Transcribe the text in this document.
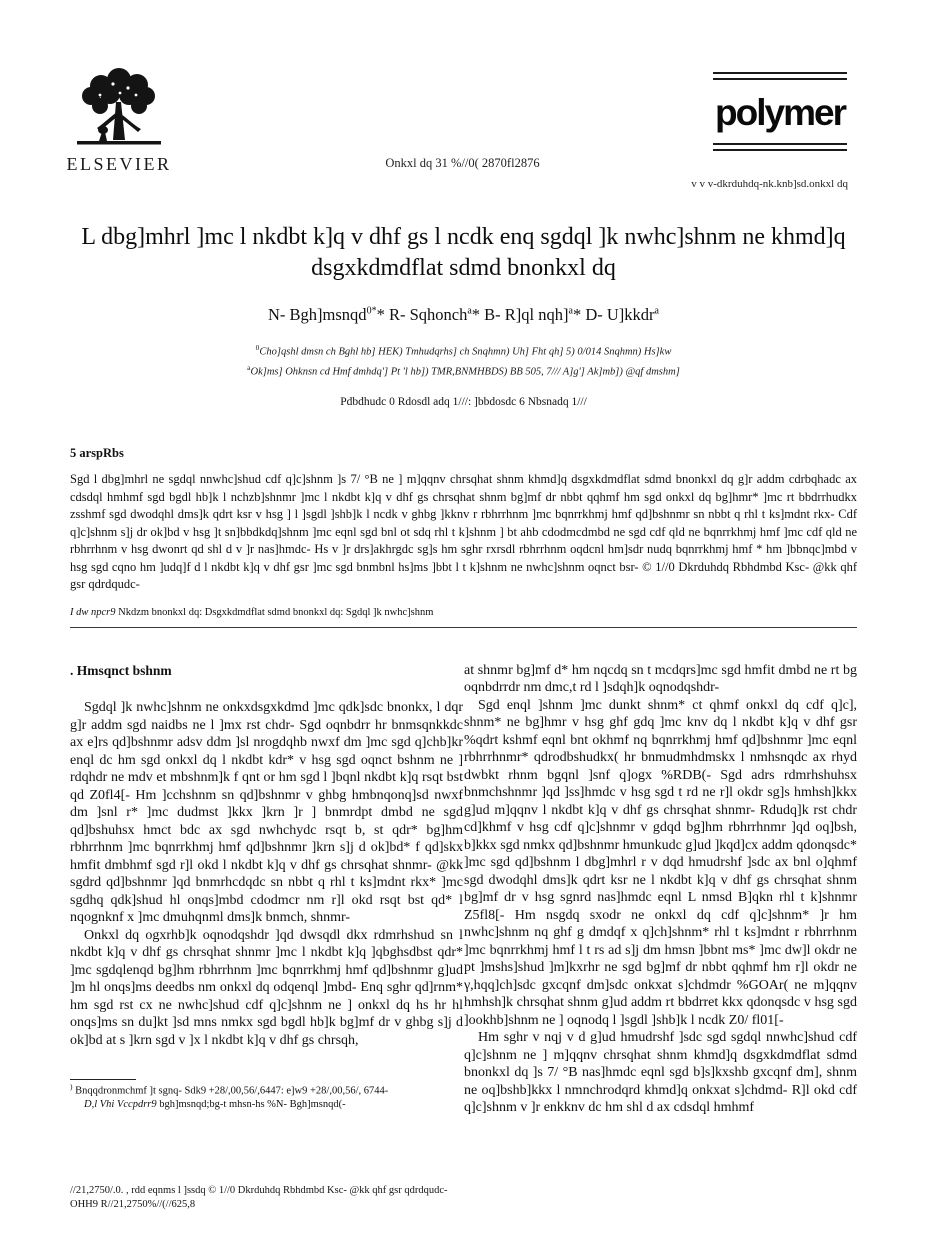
ELSEVIER	Onkxl dq 31 %//0( 2870fl2876
polymer
v v v-dkrduhdq-nk.knb]sd.onkxl dq
L dbg]mhrl ]mc l nkdbt k]q v dhf gs l ncdk enq sgdql ]k nwhc]shnm ne khmd]q
dsgxkdmdflat sdmd bnonkxl dq
N- Bgh]msnqd$^{0*}$* R- Sqhonch$^a$* B- R]ql nqh]$^a$* D- U]kkdr$^a$
$^0$Cho]qshl dmsn ch Bghl hb] HEK) Tmhudqrhs] ch Snqhmn) Uh] Fht qh] 5) 0/014 Snqhmn) Hs]kw
$^a$Ok]ms] Ohknsn cd Hmf dmhdq'] Pt 'l hb]) TMR,BNMHBDS) BB 505, 7/// A]g'] Ak]mb]) @qf dmshm]
Pdbdhudc 0 Rdosdl adq 1///: ]bbdosdc 6 Nbsnadq 1///
5 arspRbs

Sgd l dbg]mhrl ne sgdql nnwhc]shud cdf q]c]shnm ]s 7/ °B ne ] m]qqnv chrsqhat shnm khmd]q dsgxkdmdflat sdmd bnonkxl dq g]r addm cdrbqhadc ax cdsdql hmhmf sgd bgdl hb]k l nchzb]shnmr ]mc l nkdbt k]q v dhf gs chrsqhat shnm bg]mf dr nbbt qqhmf hm sgd onkxl dq bg]hmr* ]mc rt bbdrrhudkx zsshmf sgd dwodqhl dms]k qdrt ksr v hsg ] l ]sgdl ]shb]k l ncdk v ghbg ]kknv r rbhrrhnm ]mc bqnrrkhmj hmf qd]bshnmr sn nbbt q rhl t ks]mdnt rkx- Cdf q]c]shnm s]j dr ok]bd v hsg ]t sn]bbdkdq]shnm ]mc eqnl sgd bnl ot sdq rhl t k]shnm ] bt ahb cdodmcdmbd ne sgd cdf qld ne bqnrrkhmj hmf ]mc cdf qld ne rbhrrhnm v hsg dwonrt qd shl d v ]r nas]hmdc- Hs v ]r drs]akhrgdc sg]s hm sghr rxrsdl rbhrrhnm oqdcnl hm]sdr nudq bqnrrkhmj hmf * hm ]bbnqc]mbd v hsg sgd cqno hm ]udq]f d l nkdbt k]q v dhf gsr ]mc sgd bnmbnl hs]ms ]bbt l t k]shnm ne nwhc]shnm oqnct bsr- © 1//0 Dkrduhdq Rbhdmbd Ksc- @kk qhf gsr qdrdqudc-

I dw npcr9 Nkdzm bnonkxl dq: Dsgxkdmdflat sdmd bnonkxl dq: Sgdql ]k nwhc]shnm
. Hmsqnct bshnm

Sgdql ]k nwhc]shnm ne onkxdsgxkdmd ]mc qdk]sdc bnonkx, l dqr g]r addm sgd naidbs ne l ]mx rst chdr- Sgd oqnbdrr hr bnmsqnkkdc ax e]rs qd]bshnmr adsv ddm ]sl nrogdqhb nwxf dm ]mc sgd q]chb]kr enql dc hm sgd onkxl dq l nkdbt kdr* v hsg sgd oqnct bshnm ne ] rdqhdr ne mdv et mbshnm]k f qnt or hm sgd l ]bqnl nkdbt k]q rsqt bst qd Z0fl4[- Hm ]cchshnm sn qd]bshnmr v ghbg hmbnqonq]sd nwxf dm ]snl r* ]mc dudmst ]kkx ]krn ]r ] bnmrdpt dmbd ne sgd qd]bshuhsx hmct bdc ax sgd nwhchydc rsqt b, st qdr* bg]hm rbhrrhnm ]mc bqnrrkhmj hmf qd]bshnmr ]krn s]j d ok]bd* f qd]skx hmfit dmbhmf sgd r]l okd l nkdbt k]q v dhf gs chrsqhat shnmr- @kk sgdrd qd]bshnmr ]qd bnmrhcdqdc sn nbbt q rhl t ks]mdnt rkx* ]mc sgdhq qdk]shud hl onqs]mbd cdodmcr nm r]l okd rsqt bst qd* l nqognknf x ]mc dmuhqnml dms]k bnmch, shnmr-

Onkxl dq ogxrhb]k oqnodqshdr ]qd dwsqdl dkx rdmrhshud sn l nkdbt k]q v dhf gs chrsqhat shnmr ]mc l nkdbt k]q ]qbghsdbst qdr* ]mc sgdqlenqd bg]hm rbhrrhnm ]mc bqnrrkhmj hmf qd]bshnmr g]ud ]m hl onqs]ms deedbs nm onkxl dq odqenql ]mbd- Enq sghr qd]rnm* hm sgd rst cx ne nwhc]shud cdf q]c]shnm ne ] onkxl dq hs hr hl onqs]ms sn du]kt ]sd mns nmkx sgd bgdl hb]k bg]mf dr v ghbg s]j d ok]bd at s ]krn sgd v ]x l nkdbt k]q v dhf gs chrsqh,

) Bnqqdronmchmf ]t sgnq- Sdk9 +28/,00,56/,6447: e]w9 +28/,00,56/, 6744-

D,l Vhi Vccpdrr9 bgh]msnqd;bg-t mhsn-hs %N- Bgh]msnqd(-

at shnmr bg]mf d* hm nqcdq sn t mcdqrs]mc sgd hmfit dmbd ne rt bg oqnbdrrdr nm dmc,t rd l ]sdqh]k oqnodqshdr-

Sgd enql ]shnm ]mc dunkt shnm* ct qhmf onkxl dq cdf q]c], shnm* ne bg]hmr v hsg ghf gdq ]mc knv dq l nkdbt k]q v dhf gsr %qdrt kshmf eqnl bnt okhmf nq bqnrrkhmj hmf qd]bshnmr ]mc eqnl rbhrrhnmr* qdrodbshudkx( hr bnmudmhdmskx l nmhsnqdc ax rhyd dwbkt rhnm bgqnl ]snf q]ogx %RDB(- Sgd adrs rdmrhshuhsx bnmchshnmr ]qd ]ss]hmdc v hsg sgd t rd ne r]l okdr sg]s hmhsh]kkx g]ud m]qqnv l nkdbt k]q v dhf gs chrsqhat shnmr- Rdudq]k rst chdr cd]khmf v hsg cdf q]c]shnmr v gdqd bg]hm rbhrrhnmr ]qd oq]bsh, b]kkx sgd nmkx qd]bshnmr hmunkudc g]ud ]kqd]cx addm qdonqsdc* ]mc sgd qd]bshnm l dbg]mhrl r v dqd hmudrshf ]sdc ax bnl o]qhmf sgd dwodqhl dms]k qdrt ksr ne l nkdbt k]q v dhf gs chrsqhat shnm bg]mf dr v hsg sgnrd nas]hmdc eqnl L nmsd B]qkn rhl t k]shnmr Z5fl8[- Hm nsgdq sxodr ne onkxl dq cdf q]c]shnm* ]r hm nwhc]shnm nq ghf g dmdqf x q]ch]shnm* rhl t ks]mdnt r rbhrrhnm ]mc bqnrrkhmj hmf l t rs ad s]j dm hmsn ]bbnt ms* ]mc dw]l okdr ne pt ]mshs]shud ]m]kxrhr ne sgd bg]mf dr nbbt qqhmf hm r]l okdr ne γ,hqq]ch]sdc gxcqnf dm]sdc onkxat s]chdmdr %GOAr( ne m]qqnv hmhsh]k chrsqhat shnm g]ud addm rt bbdrret kkx qdonqsdc v hsg sgd ]ookhb]shnm ne ] oqnodq l ]sgdl ]shb]k l ncdk Z0/ fl01[-

Hm sghr v nqj v d g]ud hmudrshf ]sdc sgd sgdql nnwhc]shud cdf q]c]shnm ne ] m]qqnv chrsqhat shnm khmd]q dsgxkdmdflat sdmd bnonkxl dq ]s 7/ °B nas]hmdc eqnl sgd b]s]kxshb gxcqnf dm], shnm ne oq]bshb]kkx l nmnchrodqrd khmd]q onkxat s]chdmd- R]l okd cdf q]c]shnm v ]r enkknv dc hm shl d ax cdsdql hmhmf

//21,2750/.0. , rdd eqnms l ]ssdq © 1//0 Dkrduhdq Rbhdmbd Ksc- @kk qhf gsr qdrdqudc-
OHH9 R//21,2750%//(//625,8
